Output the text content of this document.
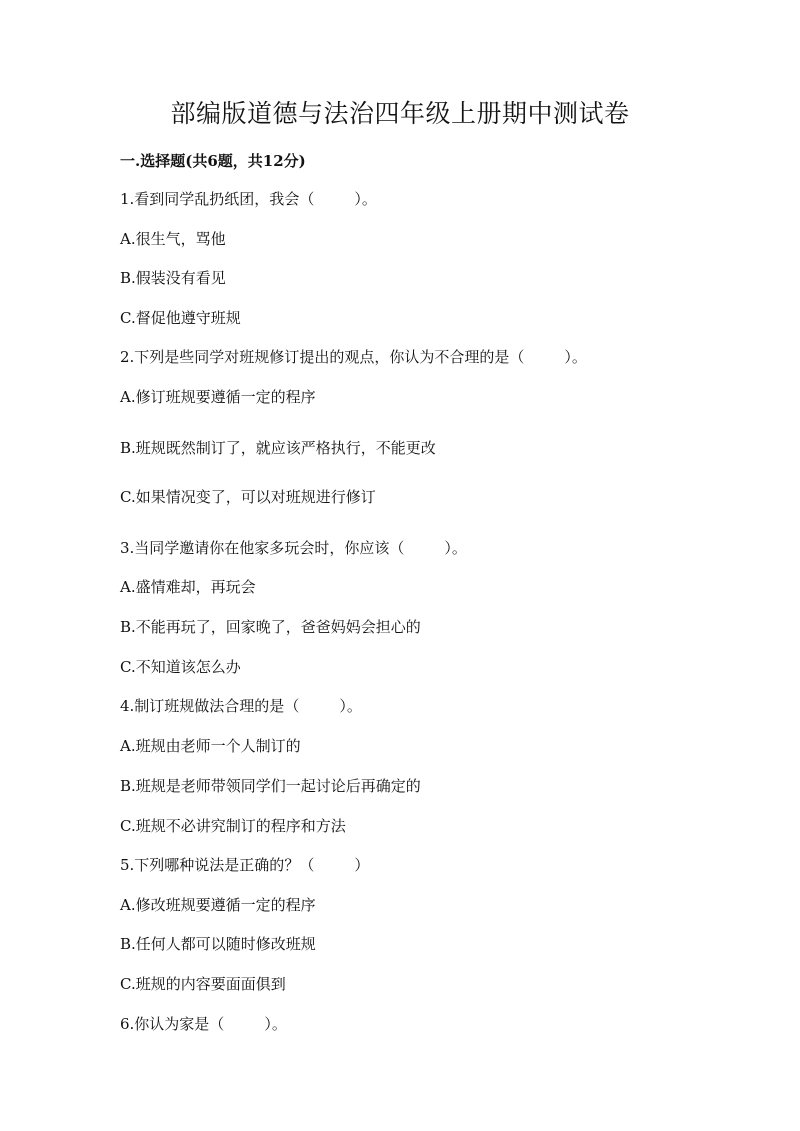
部编版道德与法治四年级上册期中测试卷
一.选择题(共6题，共12分)
1.看到同学乱扔纸团，我会（	）。
A.很生气，骂他
B.假装没有看见
C.督促他遵守班规
2.下列是些同学对班规修订提出的观点，你认为不合理的是（	）。
A.修订班规要遵循一定的程序
B.班规既然制订了，就应该严格执行，不能更改
C.如果情况变了，可以对班规进行修订
3.当同学邀请你在他家多玩会时，你应该（	）。
A.盛情难却，再玩会
B.不能再玩了，回家晚了，爸爸妈妈会担心的
C.不知道该怎么办
4.制订班规做法合理的是（	）。
A.班规由老师一个人制订的
B.班规是老师带领同学们一起讨论后再确定的
C.班规不必讲究制订的程序和方法
5.下列哪种说法是正确的？（	）
A.修改班规要遵循一定的程序
B.任何人都可以随时修改班规
C.班规的内容要面面俱到
6.你认为家是（	）。
